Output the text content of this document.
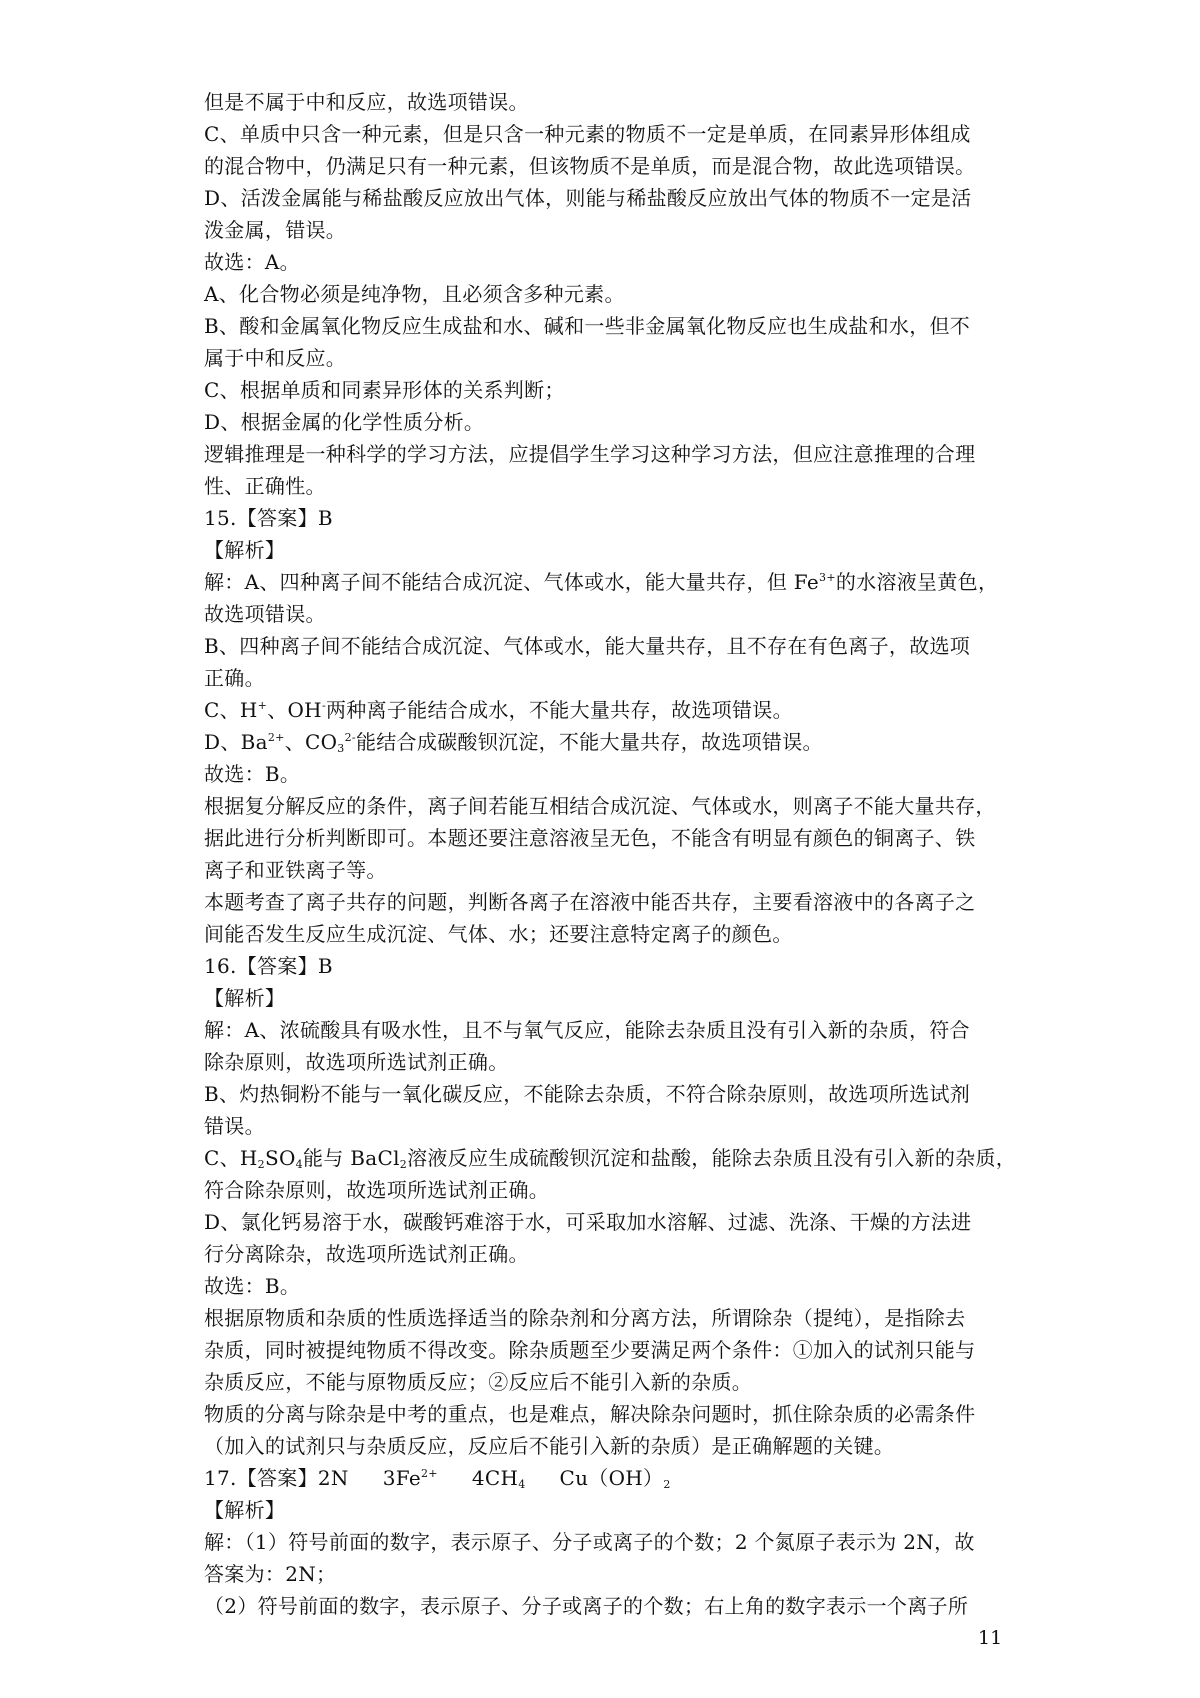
但是不属于中和反应，故选项错误。
C、单质中只含一种元素，但是只含一种元素的物质不一定是单质，在同素异形体组成
的混合物中，仍满足只有一种元素，但该物质不是单质，而是混合物，故此选项错误。
D、活泼金属能与稀盐酸反应放出气体，则能与稀盐酸反应放出气体的物质不一定是活
泼金属，错误。
故选：A。
A、化合物必须是纯净物，且必须含多种元素。
B、酸和金属氧化物反应生成盐和水、碱和一些非金属氧化物反应也生成盐和水，但不
属于中和反应。
C、根据单质和同素异形体的关系判断；
D、根据金属的化学性质分析。
逻辑推理是一种科学的学习方法，应提倡学生学习这种学习方法，但应注意推理的合理
性、正确性。
15.【答案】B
【解析】
解：A、四种离子间不能结合成沉淀、气体或水，能大量共存，但 $Fe^{3+}$的水溶液呈黄色，
故选项错误。
B、四种离子间不能结合成沉淀、气体或水，能大量共存，且不存在有色离子，故选项
正确。
C、H+、OH-两种离子能结合成水，不能大量共存，故选项错误。
D、$Ba^{2+}$、$CO_3^{2-}$能结合成碳酸钡沉淀，不能大量共存，故选项错误。
故选：B。
根据复分解反应的条件，离子间若能互相结合成沉淀、气体或水，则离子不能大量共存，
据此进行分析判断即可。本题还要注意溶液呈无色，不能含有明显有颜色的铜离子、铁
离子和亚铁离子等。
本题考查了离子共存的问题，判断各离子在溶液中能否共存，主要看溶液中的各离子之
间能否发生反应生成沉淀、气体、水；还要注意特定离子的颜色。
16.【答案】B
【解析】
解：A、浓硫酸具有吸水性，且不与氧气反应，能除去杂质且没有引入新的杂质，符合
除杂原则，故选项所选试剂正确。
B、灼热铜粉不能与一氧化碳反应，不能除去杂质，不符合除杂原则，故选项所选试剂
错误。
C、$H_2SO_4$能与 BaCl$_2$溶液反应生成硫酸钡沉淀和盐酸，能除去杂质且没有引入新的杂质，
符合除杂原则，故选项所选试剂正确。
D、氯化钙易溶于水，碳酸钙难溶于水，可采取加水溶解、过滤、洗涤、干燥的方法进
行分离除杂，故选项所选试剂正确。
故选：B。
根据原物质和杂质的性质选择适当的除杂剂和分离方法，所谓除杂（提纯），是指除去
杂质，同时被提纯物质不得改变。除杂质题至少要满足两个条件：①加入的试剂只能与
杂质反应，不能与原物质反应；②反应后不能引入新的杂质。
物质的分离与除杂是中考的重点，也是难点，解决除杂问题时，抓住除杂质的必需条件
（加入的试剂只与杂质反应，反应后不能引入新的杂质）是正确解题的关键。
17.【答案】2N $3Fe^{2+}$ $4CH_4$ $Cu(OH)_2$
【解析】
解：（1）符号前面的数字，表示原子、分子或离子的个数；2 个氮原子表示为 2N，故
答案为：2N；
（2）符号前面的数字，表示原子、分子或离子的个数；右上角的数字表示一个离子所
11
